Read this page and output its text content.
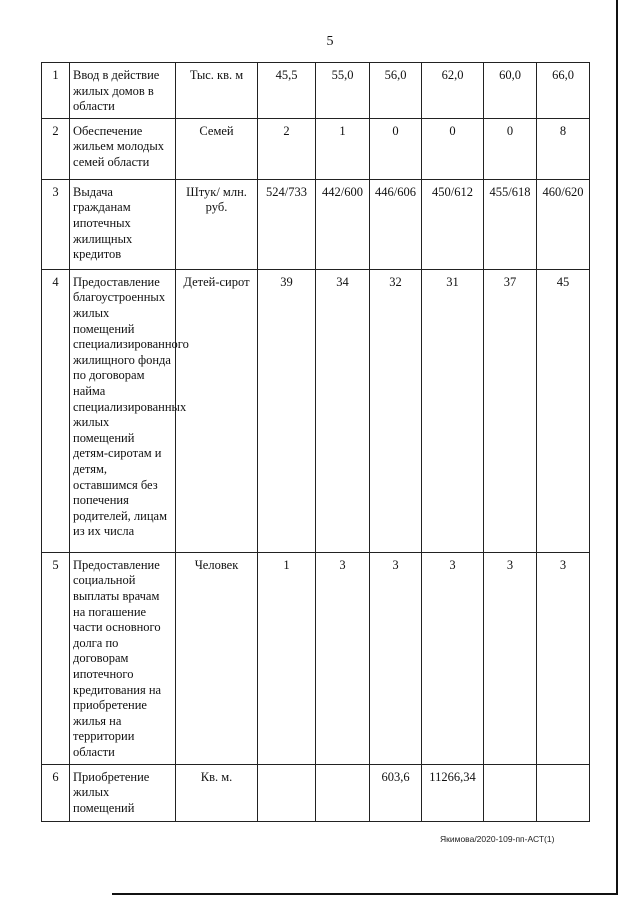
5
1	Ввод в действие жилых домов в области	Тыс. кв. м	45,5	55,0	56,0	62,0	60,0	66,0
2	Обеспечение жильем молодых семей области	Семей	2	1	0	0	0	8
3	Выдача гражданам ипотечных жилищных кредитов	Штук/ млн. руб.	524/733	442/600	446/606	450/612	455/618	460/620
4	Предоставление благоустроенных жилых помещений специализированного жилищного фонда по договорам найма специализированных жилых помещений детям-сиротам и детям, оставшимся без попечения родителей, лицам из их числа	Детей-сирот	39	34	32	31	37	45
5	Предоставление социальной выплаты врачам на погашение части основного долга по договорам ипотечного кредитования на приобретение жилья на территории области	Человек	1	3	3	3	3	3
6	Приобретение жилых помещений	Кв. м.			603,6	11266,34		
Якимова/2020-109-пп-АСТ(1)
